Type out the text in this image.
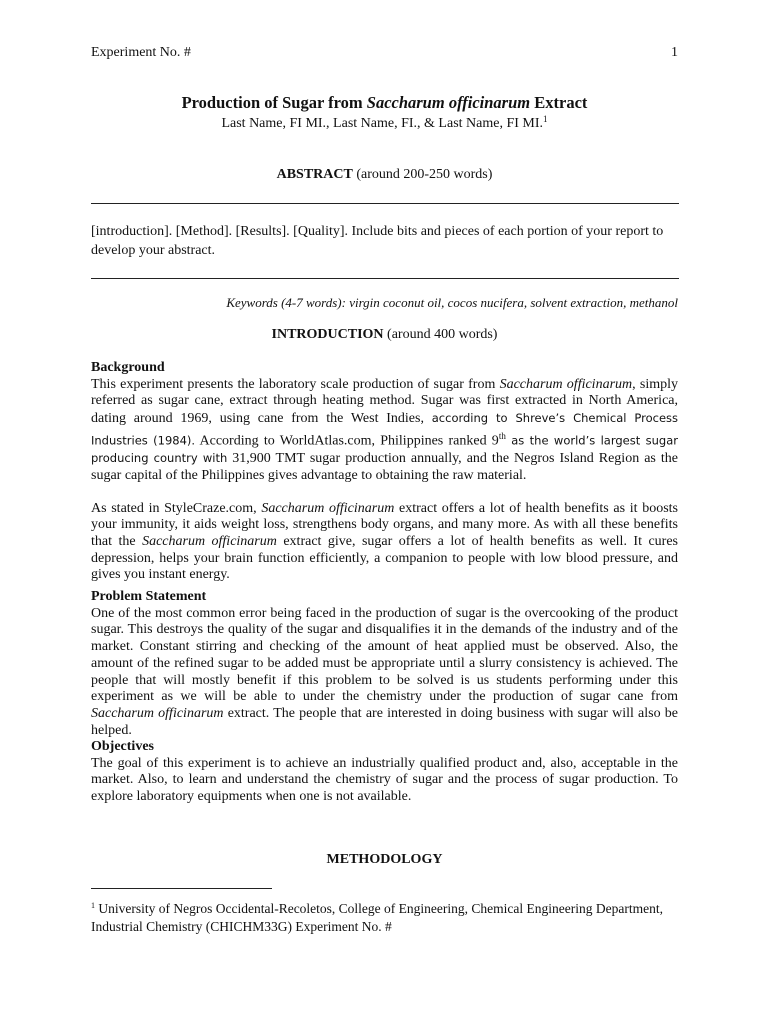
Experiment No. #	1
Production of Sugar from Saccharum officinarum Extract
Last Name, FI MI., Last Name, FI., & Last Name, FI MI.$^1$
ABSTRACT (around 200-250 words)
[introduction]. [Method]. [Results]. [Quality]. Include bits and pieces of each portion of your report to develop your abstract.
Keywords (4-7 words): virgin coconut oil, cocos nucifera, solvent extraction, methanol
INTRODUCTION (around 400 words)
Background

This experiment presents the laboratory scale production of sugar from Saccharum officinarum, simply referred as sugar cane, extract through heating method. Sugar was first extracted in North America, dating around 1969, using cane from the West Indies, according to Shreve’s Chemical Process Industries (1984). According to WorldAtlas.com, Philippines ranked 9th as the world’s largest sugar producing country with 31,900 TMT sugar production annually, and the Negros Island Region as the sugar capital of the Philippines gives advantage to obtaining the raw material.

As stated in StyleCraze.com, Saccharum officinarum extract offers a lot of health benefits as it boosts your immunity, it aids weight loss, strengthens body organs, and many more. As with all these benefits that the Saccharum officinarum extract give, sugar offers a lot of health benefits as well. It cures depression, helps your brain function efficiently, a companion to people with low blood pressure, and gives you instant energy.

Problem Statement

One of the most common error being faced in the production of sugar is the overcooking of the product sugar. This destroys the quality of the sugar and disqualifies it in the demands of the industry and of the market. Constant stirring and checking of the amount of heat applied must be observed. Also, the amount of the refined sugar to be added must be appropriate until a slurry consistency is achieved. The people that will mostly benefit if this problem to be solved is us students performing under this experiment as we will be able to under the chemistry under the production of sugar cane from Saccharum officinarum extract. The people that are interested in doing business with sugar will also be helped.

Objectives

The goal of this experiment is to achieve an industrially qualified product and, also, acceptable in the market. Also, to learn and understand the chemistry of sugar and the process of sugar production. To explore laboratory equipments when one is not available.

METHODOLOGY
$^1$ University of Negros Occidental-Recoletos, College of Engineering, Chemical Engineering Department, Industrial Chemistry (CHICHM33G) Experiment No. #
